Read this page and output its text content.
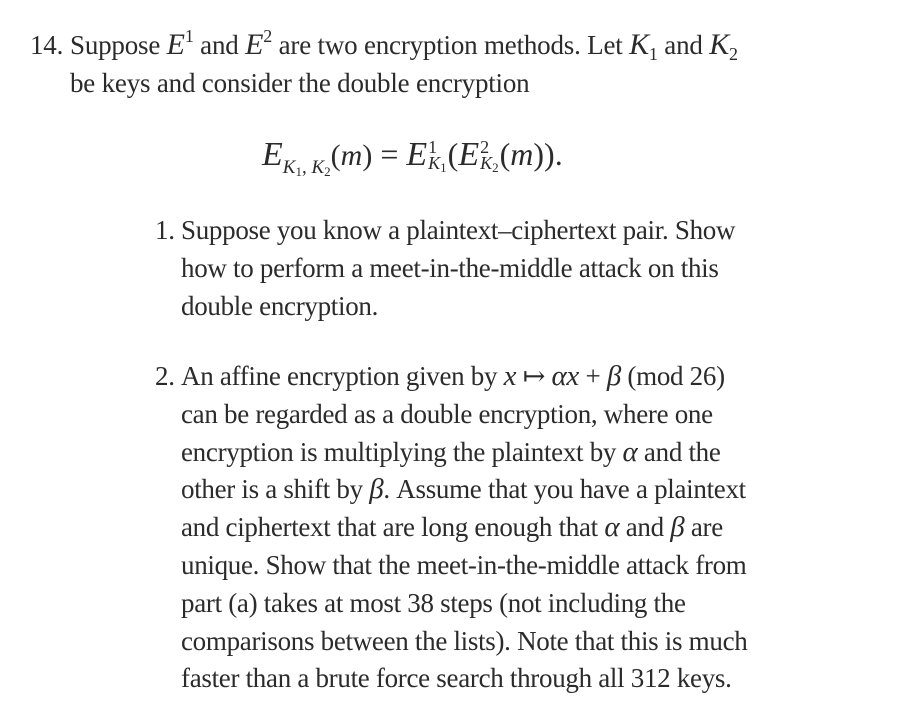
14. Suppose $E^1$ and $E^2$ are two encryption methods. Let $K_1$ and $K_2$
be keys and consider the double encryption
$E_{K_1, K_2}(m) = E$ 1
$K_1$ (E 2
$K_2$ (m)).
1. Suppose you know a plaintext–ciphertext pair. Show
how to perform a meet-in-the-middle attack on this
double encryption.
2. An affine encryption given by x ↦ αx + β (mod 26)
can be regarded as a double encryption, where one
encryption is multiplying the plaintext by α and the
other is a shift by β. Assume that you have a plaintext
and ciphertext that are long enough that α and β are
unique. Show that the meet-in-the-middle attack from
part (a) takes at most 38 steps (not including the
comparisons between the lists). Note that this is much
faster than a brute force search through all 312 keys.
